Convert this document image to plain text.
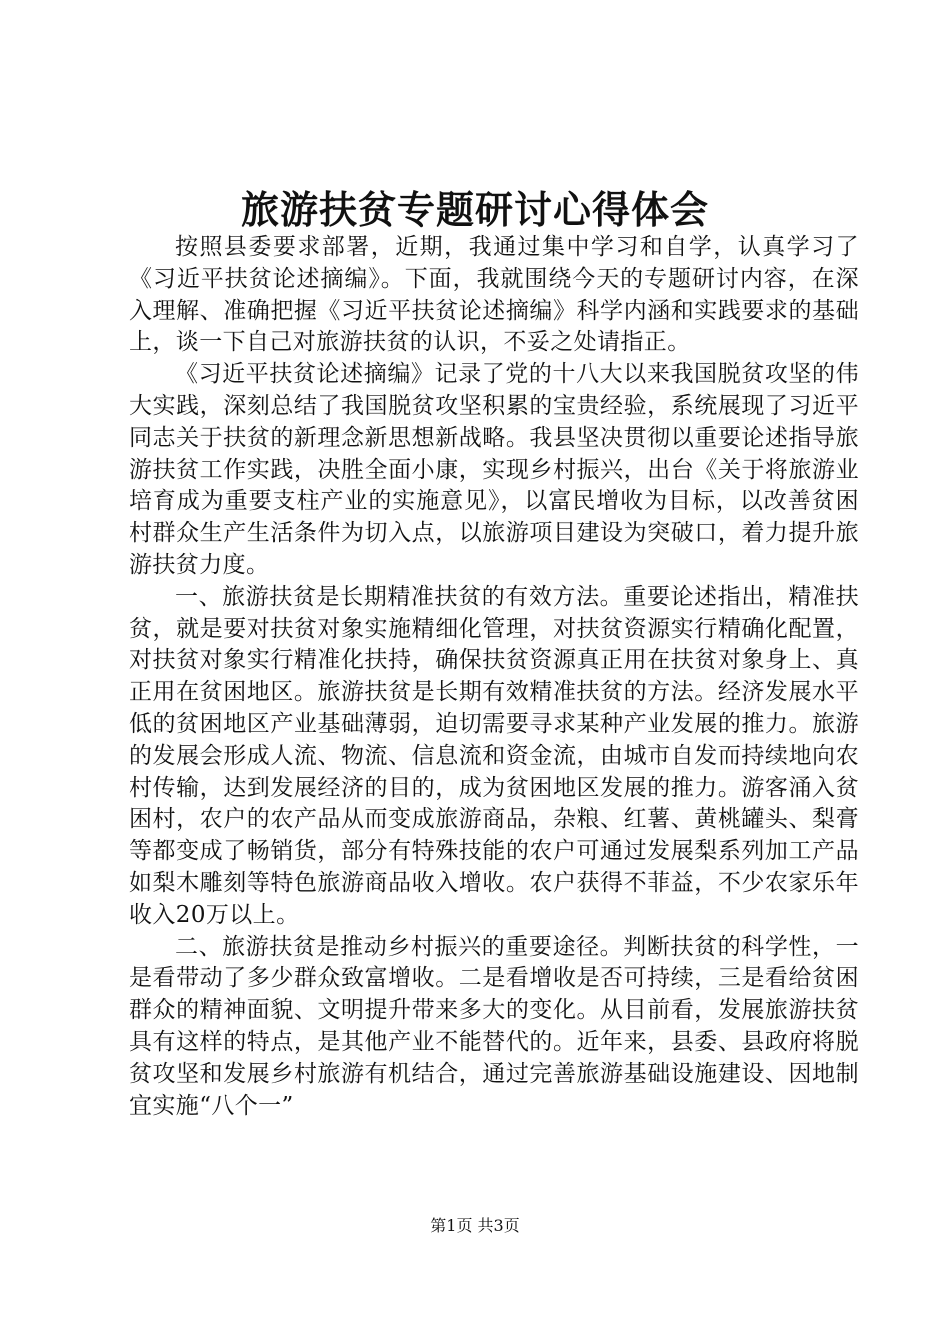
旅游扶贫专题研讨心得体会

按照县委要求部署，近期，我通过集中学习和自学，认真学习了《习近平扶贫论述摘编》。下面，我就围绕今天的专题研讨内容，在深入理解、准确把握《习近平扶贫论述摘编》科学内涵和实践要求的基础上，谈一下自己对旅游扶贫的认识，不妥之处请指正。

《习近平扶贫论述摘编》记录了党的十八大以来我国脱贫攻坚的伟大实践，深刻总结了我国脱贫攻坚积累的宝贵经验，系统展现了习近平同志关于扶贫的新理念新思想新战略。我县坚决贯彻以重要论述指导旅游扶贫工作实践，决胜全面小康，实现乡村振兴，出台《关于将旅游业培育成为重要支柱产业的实施意见》，以富民增收为目标，以改善贫困村群众生产生活条件为切入点，以旅游项目建设为突破口，着力提升旅游扶贫力度。

一、旅游扶贫是长期精准扶贫的有效方法。重要论述指出，精准扶贫，就是要对扶贫对象实施精细化管理，对扶贫资源实行精确化配置，对扶贫对象实行精准化扶持，确保扶贫资源真正用在扶贫对象身上、真正用在贫困地区。旅游扶贫是长期有效精准扶贫的方法。经济发展水平低的贫困地区产业基础薄弱，迫切需要寻求某种产业发展的推力。旅游的发展会形成人流、物流、信息流和资金流，由城市自发而持续地向农村传输，达到发展经济的目的，成为贫困地区发展的推力。游客涌入贫困村，农户的农产品从而变成旅游商品，杂粮、红薯、黄桃罐头、梨膏等都变成了畅销货，部分有特殊技能的农户可通过发展梨系列加工产品如梨木雕刻等特色旅游商品收入增收。农户获得不菲益，不少农家乐年收入20万以上。

二、旅游扶贫是推动乡村振兴的重要途径。判断扶贫的科学性，一是看带动了多少群众致富增收。二是看增收是否可持续，三是看给贫困群众的精神面貌、文明提升带来多大的变化。从目前看，发展旅游扶贫具有这样的特点，是其他产业不能替代的。近年来，县委、县政府将脱贫攻坚和发展乡村旅游有机结合，通过完善旅游基础设施建设、因地制宜实施“八个一”

第1页 共3页
